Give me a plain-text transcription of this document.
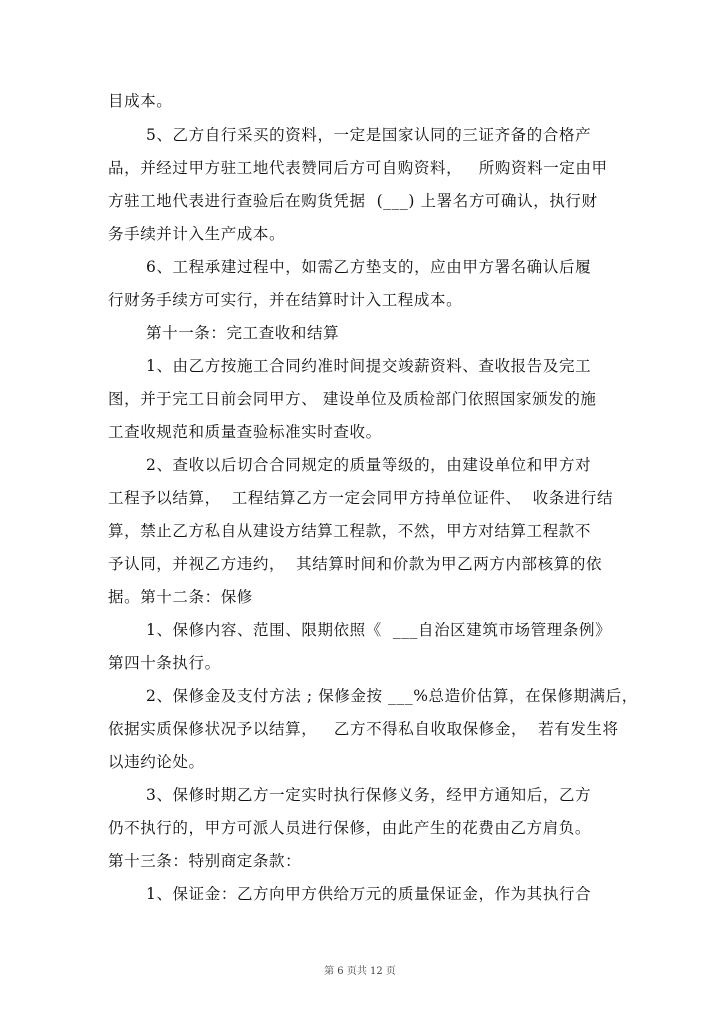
目成本。
5、乙方自行采买的资料，一定是国家认同的三证齐备的合格产
品，并经过甲方驻工地代表赞同后方可自购资料，   所购资料一定由甲
方驻工地代表进行查验后在购货凭据  (___) 上署名方可确认，执行财
务手续并计入生产成本。
6、工程承建过程中，如需乙方垫支的，应由甲方署名确认后履
行财务手续方可实行，并在结算时计入工程成本。
第十一条：完工查收和结算
1、由乙方按施工合同约准时间提交竣薪资料、查收报告及完工
图，并于完工日前会同甲方、 建设单位及质检部门依照国家颁发的施
工查收规范和质量查验标准实时查收。
2、查收以后切合合同规定的质量等级的，由建设单位和甲方对
工程予以结算，  工程结算乙方一定会同甲方持单位证件、  收条进行结
算，禁止乙方私自从建设方结算工程款，不然，甲方对结算工程款不
予认同，并视乙方违约，  其结算时间和价款为甲乙两方内部核算的依
据。第十二条：保修
1、保修内容、范围、限期依照《  ___自治区建筑市场管理条例》
第四十条执行。
2、保修金及支付方法 ; 保修金按 ___%总造价估算，在保修期满后，
依据实质保修状况予以结算，   乙方不得私自收取保修金，  若有发生将
以违约论处。
3、保修时期乙方一定实时执行保修义务，经甲方通知后，乙方
仍不执行的，甲方可派人员进行保修，由此产生的花费由乙方肩负。
第十三条：特别商定条款：
1、保证金：乙方向甲方供给万元的质量保证金，作为其执行合
第 6 页共 12 页
